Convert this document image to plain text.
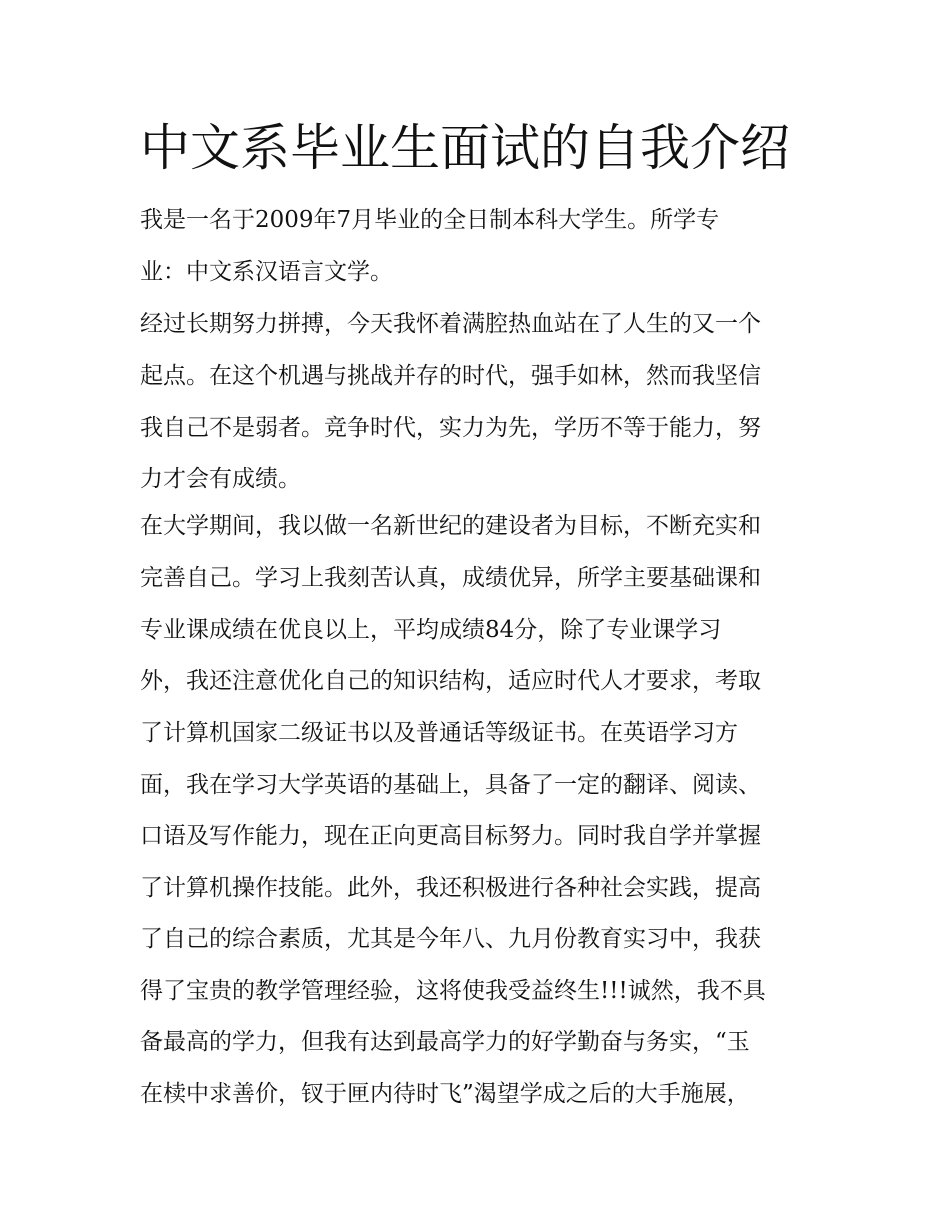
中文系毕业生面试的自我介绍
我是一名于2009年7月毕业的全日制本科大学生。所学专
业：中文系汉语言文学。
经过长期努力拼搏，今天我怀着满腔热血站在了人生的又一个
起点。在这个机遇与挑战并存的时代，强手如林，然而我坚信
我自己不是弱者。竞争时代，实力为先，学历不等于能力，努
力才会有成绩。
在大学期间，我以做一名新世纪的建设者为目标，不断充实和
完善自己。学习上我刻苦认真，成绩优异，所学主要基础课和
专业课成绩在优良以上，平均成绩84分，除了专业课学习
外，我还注意优化自己的知识结构，适应时代人才要求，考取
了计算机国家二级证书以及普通话等级证书。在英语学习方
面，我在学习大学英语的基础上，具备了一定的翻译、阅读、
口语及写作能力，现在正向更高目标努力。同时我自学并掌握
了计算机操作技能。此外，我还积极进行各种社会实践，提高
了自己的综合素质，尤其是今年八、九月份教育实习中，我获
得了宝贵的教学管理经验，这将使我受益终生!!!诚然，我不具
备最高的学力，但我有达到最高学力的好学勤奋与务实，“玉
在椟中求善价，钗于匣内待时飞”渴望学成之后的大手施展，
